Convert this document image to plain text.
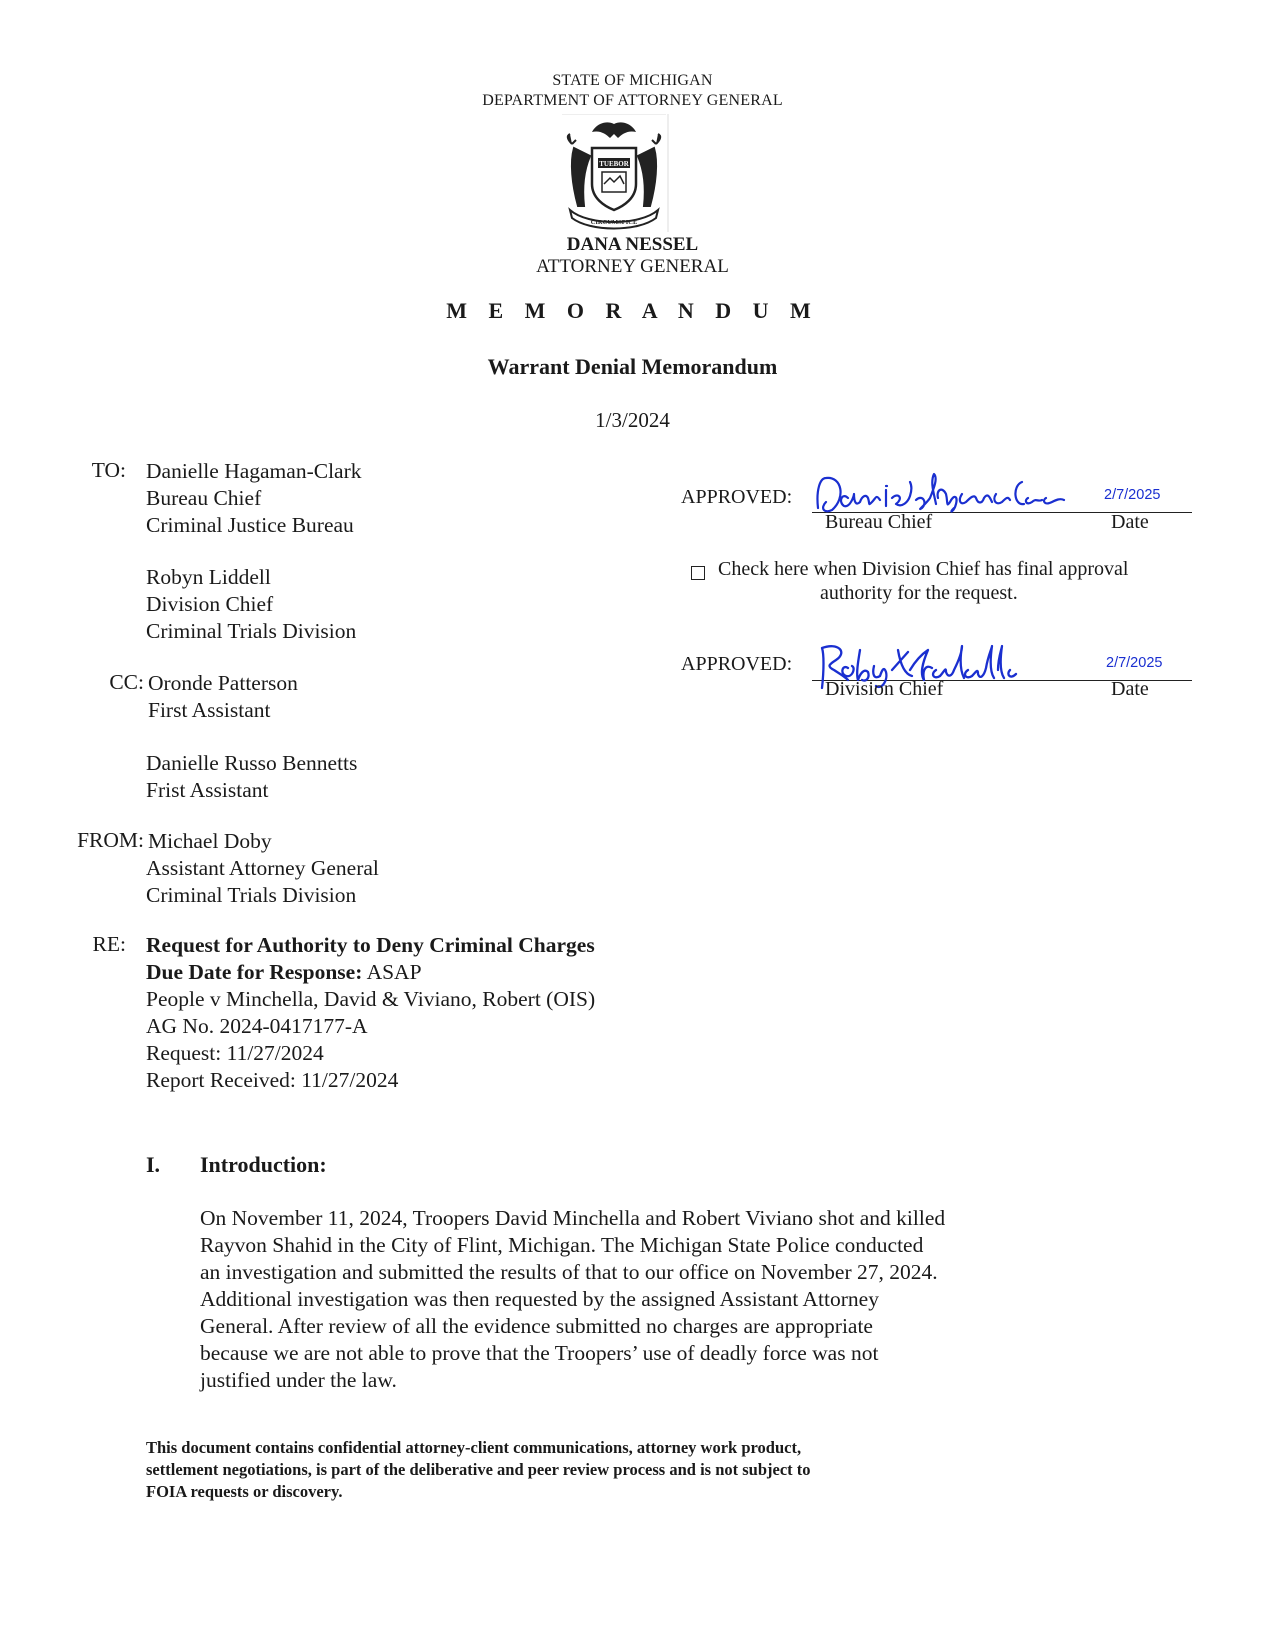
STATE OF MICHIGAN
DEPARTMENT OF ATTORNEY GENERAL
TUEBOR
CIRCUMSPICE
DANA NESSEL
ATTORNEY GENERAL
M E M O R A N D U M
Warrant Denial Memorandum
1/3/2024
TO: Danielle Hagaman-Clark
Bureau Chief
Criminal Justice Bureau
Robyn Liddell
Division Chief
Criminal Trials Division
CC: Oronde Patterson
First Assistant
Danielle Russo Bennetts
Frist Assistant
FROM: Michael Doby
Assistant Attorney General
Criminal Trials Division
RE: Request for Authority to Deny Criminal Charges
Due Date for Response: ASAP
People v Minchella, David & Viviano, Robert (OIS)
AG No. 2024-0417177-A
Request: 11/27/2024
Report Received: 11/27/2024
APPROVED:	2/7/2025
Bureau Chief	Date
Check here when Division Chief has final approval
authority for the request.
APPROVED:	2/7/2025
Division Chief	Date
I. Introduction:
On November 11, 2024, Troopers David Minchella and Robert Viviano shot and killed
Rayvon Shahid in the City of Flint, Michigan. The Michigan State Police conducted
an investigation and submitted the results of that to our office on November 27, 2024.
Additional investigation was then requested by the assigned Assistant Attorney
General. After review of all the evidence submitted no charges are appropriate
because we are not able to prove that the Troopers’ use of deadly force was not
justified under the law.
This document contains confidential attorney-client communications, attorney work product,
settlement negotiations, is part of the deliberative and peer review process and is not subject to
FOIA requests or discovery.
